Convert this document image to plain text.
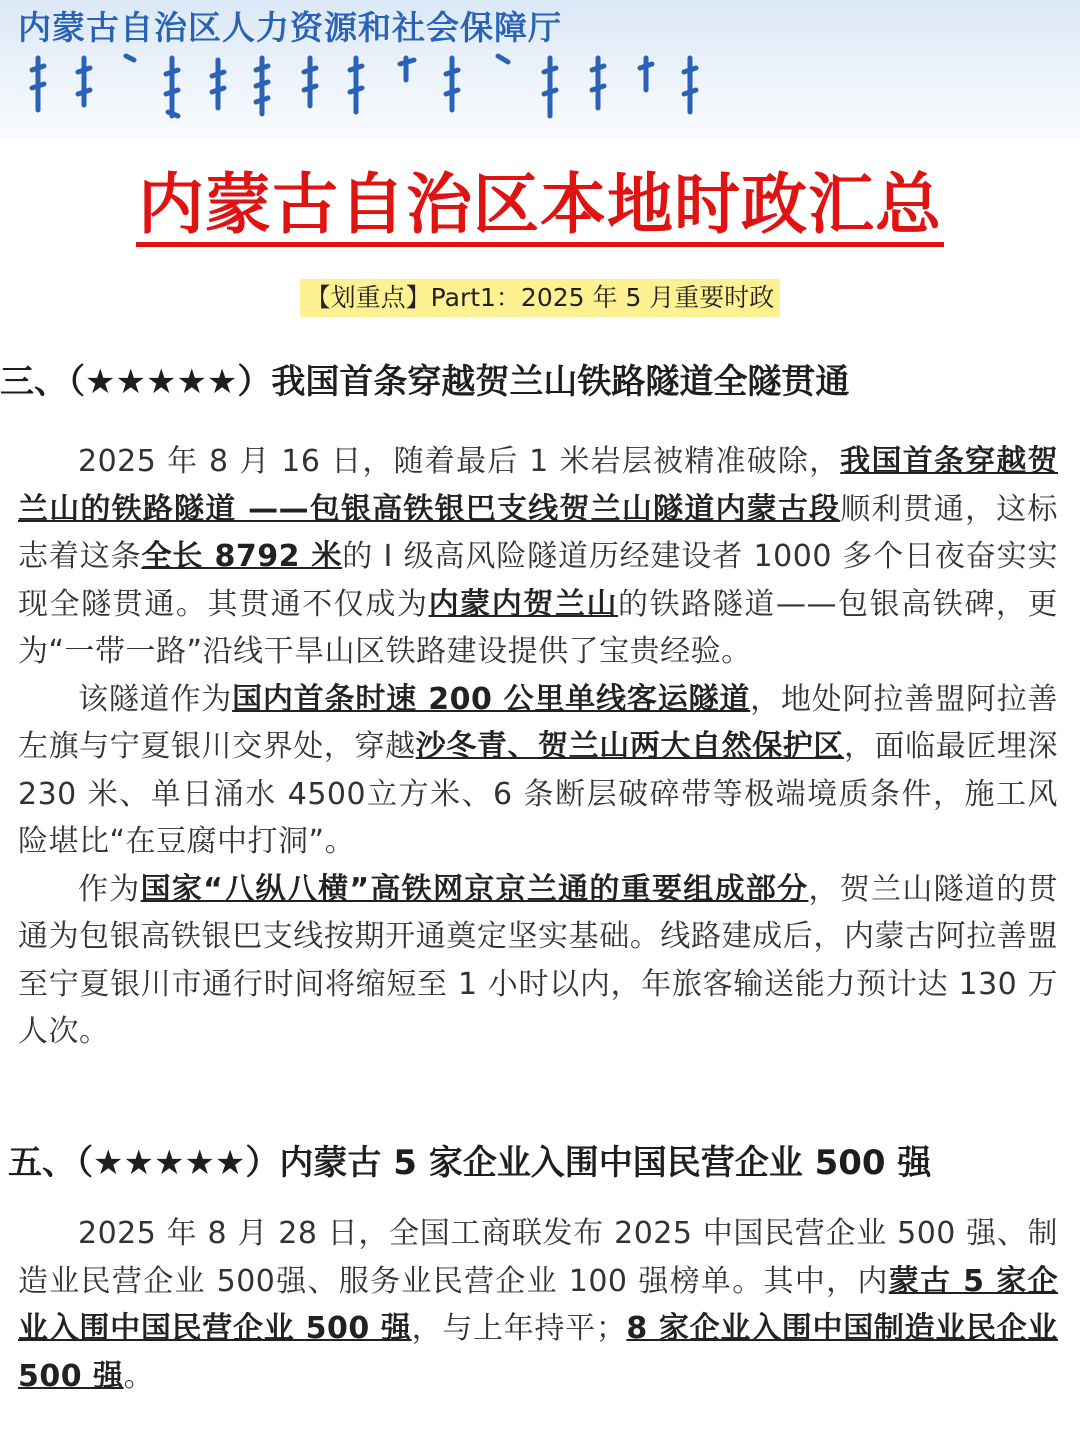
内蒙古自治区人力资源和社会保障厅
内蒙古自治区本地时政汇总
【划重点】Part1：2025 年 5 月重要时政
三、（★★★★★）我国首条穿越贺兰山铁路隧道全隧贯通

2025 年 8 月 16 日，随着最后 1 米岩层被精准破除，我国首条穿越贺兰山的铁路隧道 ——包银高铁银巴支线贺兰山隧道内蒙古段顺利贯通，这标志着这条全长 8792 米的 Ⅰ 级高风险隧道历经建设者 1000 多个日夜奋实实现全隧贯通。其贯通不仅成为内蒙内贺兰山的铁路隧道——包银高铁碑，更为“一带一路”沿线干旱山区铁路建设提供了宝贵经验。

该隧道作为国内首条时速 200 公里单线客运隧道，地处阿拉善盟阿拉善左旗与宁夏银川交界处，穿越沙冬青、贺兰山两大自然保护区，面临最匠埋深 230 米、单日涌水 4500立方米、6 条断层破碎带等极端境质条件，施工风险堪比“在豆腐中打洞”。

作为国家“八纵八横”高铁网京京兰通的重要组成部分，贺兰山隧道的贯通为包银高铁银巴支线按期开通奠定坚实基础。线路建成后，内蒙古阿拉善盟至宁夏银川市通行时间将缩短至 1 小时以内，年旅客输送能力预计达 130 万人次。

五、（★★★★★）内蒙古 5 家企业入围中国民营企业 500 强

2025 年 8 月 28 日，全国工商联发布 2025 中国民营企业 500 强、制造业民营企业 500强、服务业民营企业 100 强榜单。其中，内蒙古 5 家企业入围中国民营企业 500 强，与上年持平；8 家企业入围中国制造业民企业 500 强。
